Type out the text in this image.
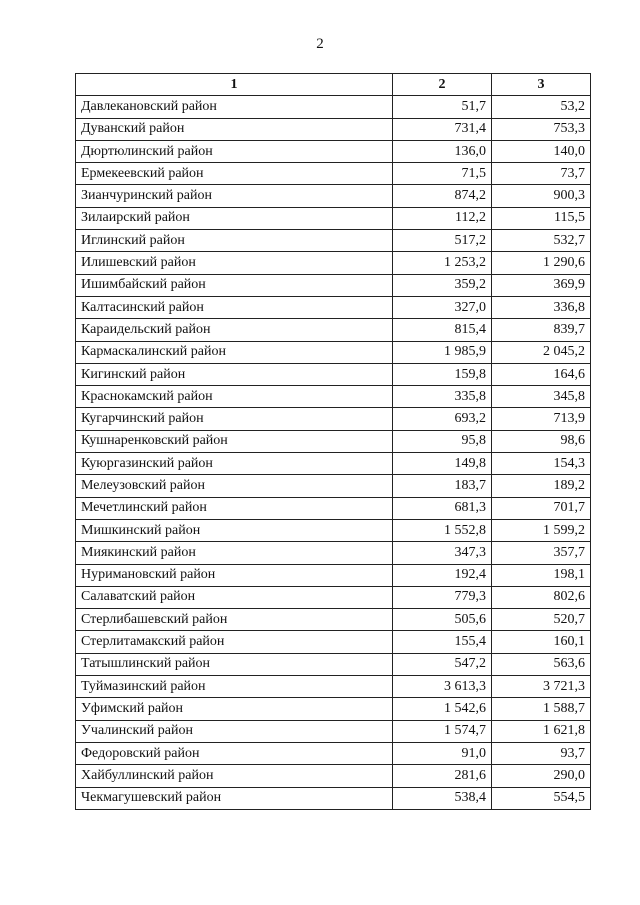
2
1	2	3
Давлекановский район	51,7	53,2
Дуванский район	731,4	753,3
Дюртюлинский район	136,0	140,0
Ермекеевский район	71,5	73,7
Зианчуринский район	874,2	900,3
Зилаирский район	112,2	115,5
Иглинский район	517,2	532,7
Илишевский район	1 253,2	1 290,6
Ишимбайский район	359,2	369,9
Калтасинский район	327,0	336,8
Караидельский район	815,4	839,7
Кармаскалинский район	1 985,9	2 045,2
Кигинский район	159,8	164,6
Краснокамский район	335,8	345,8
Кугарчинский район	693,2	713,9
Кушнаренковский район	95,8	98,6
Куюргазинский район	149,8	154,3
Мелеузовский район	183,7	189,2
Мечетлинский район	681,3	701,7
Мишкинский район	1 552,8	1 599,2
Миякинский район	347,3	357,7
Нуримановский район	192,4	198,1
Салаватский район	779,3	802,6
Стерлибашевский район	505,6	520,7
Стерлитамакский район	155,4	160,1
Татышлинский район	547,2	563,6
Туймазинский район	3 613,3	3 721,3
Уфимский район	1 542,6	1 588,7
Учалинский район	1 574,7	1 621,8
Федоровский район	91,0	93,7
Хайбуллинский район	281,6	290,0
Чекмагушевский район	538,4	554,5
